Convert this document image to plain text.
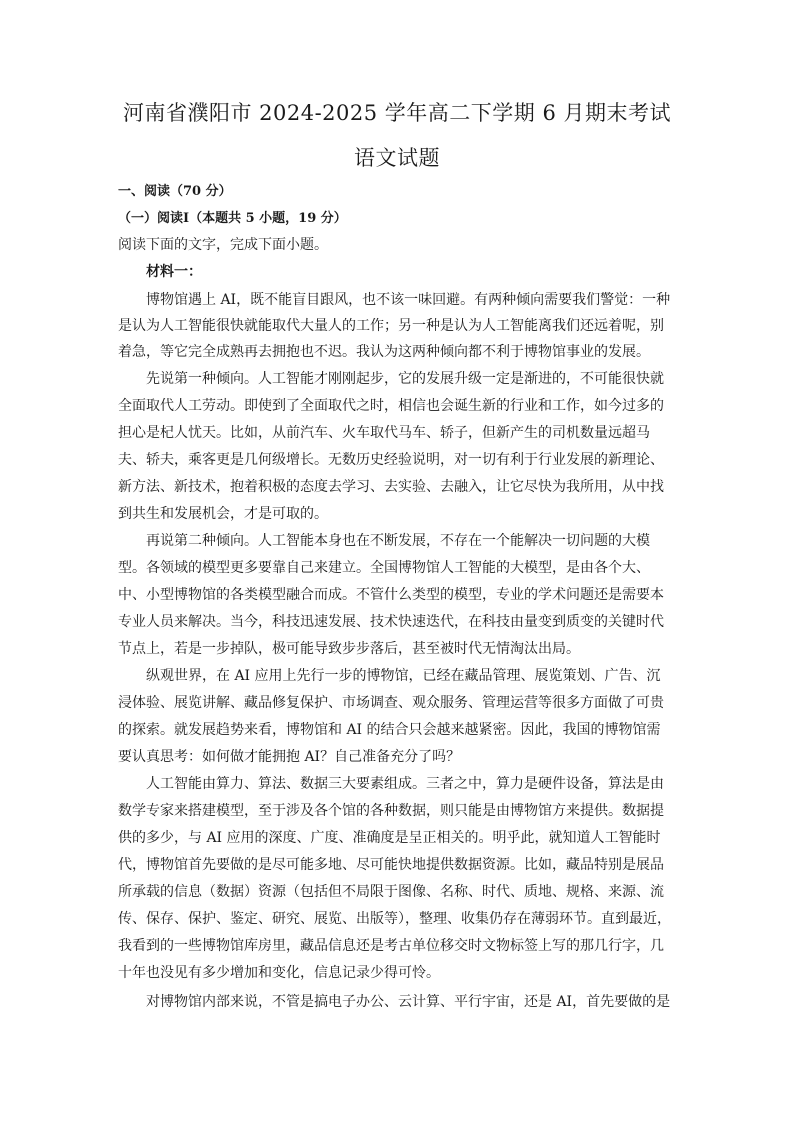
河南省濮阳市 2024-2025 学年高二下学期 6 月期末考试
语文试题
一、阅读（70 分）
（一）阅读Ⅰ（本题共 5 小题，19 分）
阅读下面的文字，完成下面小题。
材料一：
博物馆遇上 AI，既不能盲目跟风，也不该一味回避。有两种倾向需要我们警觉：一种
是认为人工智能很快就能取代大量人的工作；另一种是认为人工智能离我们还远着呢，别
着急，等它完全成熟再去拥抱也不迟。我认为这两种倾向都不利于博物馆事业的发展。
先说第一种倾向。人工智能才刚刚起步，它的发展升级一定是渐进的，不可能很快就
全面取代人工劳动。即使到了全面取代之时，相信也会诞生新的行业和工作，如今过多的
担心是杞人忧天。比如，从前汽车、火车取代马车、轿子，但新产生的司机数量远超马
夫、轿夫，乘客更是几何级增长。无数历史经验说明，对一切有利于行业发展的新理论、
新方法、新技术，抱着积极的态度去学习、去实验、去融入，让它尽快为我所用，从中找
到共生和发展机会，才是可取的。
再说第二种倾向。人工智能本身也在不断发展，不存在一个能解决一切问题的大模
型。各领域的模型更多要靠自己来建立。全国博物馆人工智能的大模型，是由各个大、
中、小型博物馆的各类模型融合而成。不管什么类型的模型，专业的学术问题还是需要本
专业人员来解决。当今，科技迅速发展、技术快速迭代，在科技由量变到质变的关键时代
节点上，若是一步掉队，极可能导致步步落后，甚至被时代无情淘汰出局。
纵观世界，在 AI 应用上先行一步的博物馆，已经在藏品管理、展览策划、广告、沉
浸体验、展览讲解、藏品修复保护、市场调查、观众服务、管理运营等很多方面做了可贵
的探索。就发展趋势来看，博物馆和 AI 的结合只会越来越紧密。因此，我国的博物馆需
要认真思考：如何做才能拥抱 AI？自己准备充分了吗？
人工智能由算力、算法、数据三大要素组成。三者之中，算力是硬件设备，算法是由
数学专家来搭建模型，至于涉及各个馆的各种数据，则只能是由博物馆方来提供。数据提
供的多少，与 AI 应用的深度、广度、准确度是呈正相关的。明乎此，就知道人工智能时
代，博物馆首先要做的是尽可能多地、尽可能快地提供数据资源。比如，藏品特别是展品
所承载的信息（数据）资源（包括但不局限于图像、名称、时代、质地、规格、来源、流
传、保存、保护、鉴定、研究、展览、出版等），整理、收集仍存在薄弱环节。直到最近，
我看到的一些博物馆库房里，藏品信息还是考古单位移交时文物标签上写的那几行字，几
十年也没见有多少增加和变化，信息记录少得可怜。
对博物馆内部来说，不管是搞电子办公、云计算、平行宇宙，还是 AI，首先要做的是
